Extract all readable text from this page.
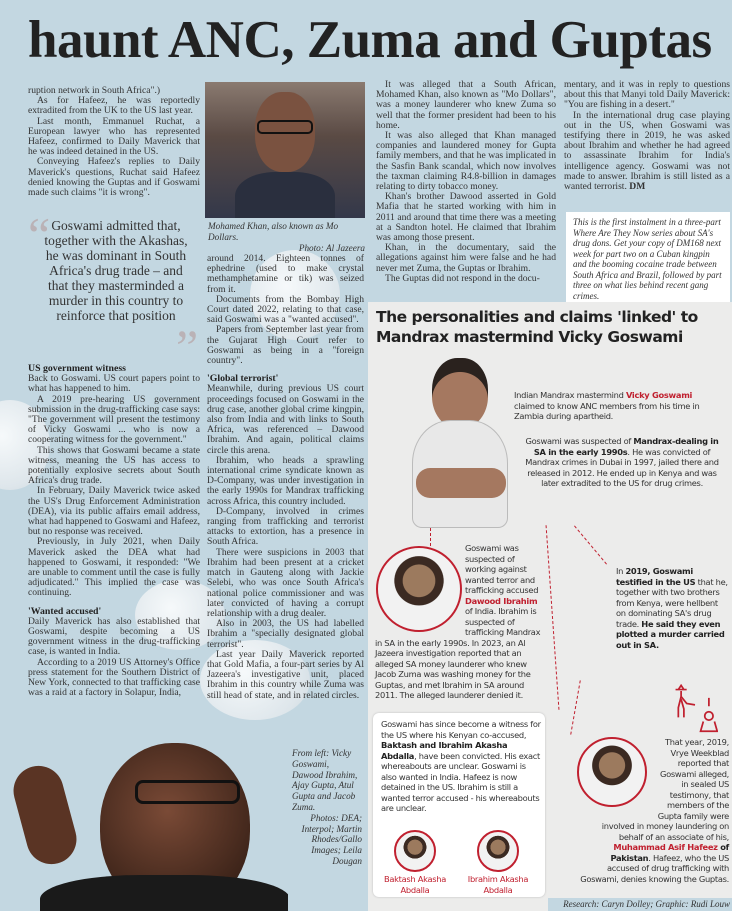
haunt ANC, Zuma and Guptas

ruption network in South Africa".)

As for Hafeez, he was reportedly extradited from the UK to the US last year.

Last month, Emmanuel Ruchat, a European lawyer who has represented Hafeez, confirmed to Daily Maverick that he was indeed detained in the US.

Conveying Hafeez's replies to Daily Maverick's questions, Ruchat said Hafeez denied knowing the Guptas and if Goswami made such claims "it is wrong".

“ Goswami admitted that, together with the Akashas, he was dominant in South Africa's drug trade – and that they masterminded a murder in this country to reinforce that position
”
US government witness

Back to Goswami. US court papers point to what has happened to him.

A 2019 pre-hearing US government submission in the drug-trafficking case says: "The government will present the testimony of Vicky Goswami ... who is now a cooperating witness for the government."

This shows that Goswami became a state witness, meaning the US has access to potentially explosive secrets about South Africa's drug trade.

In February, Daily Maverick twice asked the US's Drug Enforcement Administration (DEA), via its public affairs email address, what had happened to Goswami and Hafeez, but no response was received.

Previously, in July 2021, when Daily Maverick asked the DEA what had happened to Goswami, it responded: "We are unable to comment until the case is fully adjudicated." This implied the case was continuing.

'Wanted accused'

Daily Maverick has also established that Goswami, despite becoming a US government witness in the drug-trafficking case, is wanted in India.

According to a 2019 US Attorney's Office press statement for the Southern District of New York, connected to that trafficking case was a raid at a factory in Solapur, India,

Mohamed Khan, also known as Mo Dollars.
Photo: Al Jazeera

around 2014. Eighteen tonnes of ephedrine (used to make crystal methamphetamine or tik) was seized from it.

Documents from the Bombay High Court dated 2022, relating to that case, said Goswami was a "wanted accused".

Papers from September last year from the Gujarat High Court refer to Goswami as being in a "foreign country".

'Global terrorist'

Meanwhile, during previous US court proceedings focused on Goswami in the drug case, another global crime kingpin, also from India and with links to South Africa, was referenced – Dawood Ibrahim. And again, political claims circle this arena.

Ibrahim, who heads a sprawling international crime syndicate known as D-Company, was under investigation in the early 1990s for Mandrax trafficking across Africa, this country included.

D-Company, involved in crimes ranging from trafficking and terrorist attacks to extortion, has a presence in South Africa.

There were suspicions in 2003 that Ibrahim had been present at a cricket match in Gauteng along with Jackie Selebi, who was once South Africa's national police commissioner and was later convicted of having a corrupt relationship with a drug dealer.

Also in 2003, the US had labelled Ibrahim a "specially designated global terrorist".

Last year Daily Maverick reported that Gold Mafia, a four-part series by Al Jazeera's investigative unit, placed Ibrahim in this country while Zuma was still head of state, and in related circles.

From left: Vicky Goswami, Dawood Ibrahim, Ajay Gupta, Atul Gupta and Jacob Zuma.
Photos: DEA; Interpol; Martin Rhodes/Gallo Images; Leila Dougan

It was alleged that a South African, Mohamed Khan, also known as "Mo Dollars", was a money launderer who knew Zuma so well that the former president had been to his home.

It was also alleged that Khan managed companies and laundered money for Gupta family members, and that he was implicated in the Sasfin Bank scandal, which now involves the taxman claiming R4.8-billion in damages relating to dirty tobacco money.

Khan's brother Dawood asserted in Gold Mafia that he started working with him in 2011 and around that time there was a meeting at a Sandton hotel. He claimed that Ibrahim was among those present.

Khan, in the documentary, said the allegations against him were false and he had never met Zuma, the Guptas or Ibrahim.

The Guptas did not respond in the docu-

mentary, and it was in reply to questions about this that Manyi told Daily Maverick: "You are fishing in a desert."

In the international drug case playing out in the US, when Goswami was testifying there in 2019, he was asked about Ibrahim and whether he had agreed to assassinate Ibrahim for India's intelligence agency. Goswami was not made to answer. Ibrahim is still listed as a wanted terrorist. DM

This is the first instalment in a three-part Where Are They Now series about SA's drug dons. Get your copy of DM168 next week for part two on a Cuban kingpin and the booming cocaine trade between South Africa and Brazil, followed by part three on what lies behind recent gang crimes.
The personalities and claims 'linked' to Mandrax mastermind Vicky Goswami
Indian Mandrax mastermind Vicky Goswami claimed to know ANC members from his time in Zambia during apartheid.
Goswami was suspected of Mandrax-dealing in SA in the early 1990s. He was convicted of Mandrax crimes in Dubai in 1997, jailed there and released in 2012. He ended up in Kenya and was later extradited to the US for drug crimes.
Goswami was suspected of working against wanted terror and trafficking accused Dawood Ibrahim of India. Ibrahim is suspected of trafficking Mandrax in SA in the early 1990s. In 2023, an Al Jazeera investigation reported that an alleged SA money launderer who knew Jacob Zuma was washing money for the Guptas, and met Ibrahim in SA around 2011. The alleged launderer denied it.
In 2019, Goswami testified in the US that he, together with two brothers from Kenya, were hellbent on dominating SA's drug trade. He said they even plotted a murder carried out in SA.
Goswami has since become a witness for the US where his Kenyan co-accused, Baktash and Ibrahim Akasha Abdalla, have been convicted. His exact whereabouts are unclear. Goswami is also wanted in India. Hafeez is now detained in the US. Ibrahim is still a wanted terror accused - his whereabouts are unclear.
Baktash Akasha Abdalla
Ibrahim Akasha Abdalla
That year, 2019, Vrye Weekblad reported that Goswami alleged, in sealed US testimony, that members of the Gupta family were involved in money laundering on behalf of an associate of his, Muhammad Asif Hafeez of Pakistan. Hafeez, who the US accused of drug trafficking with Goswami, denies knowing the Guptas.
Research: Caryn Dolley; Graphic: Rudi Louw
